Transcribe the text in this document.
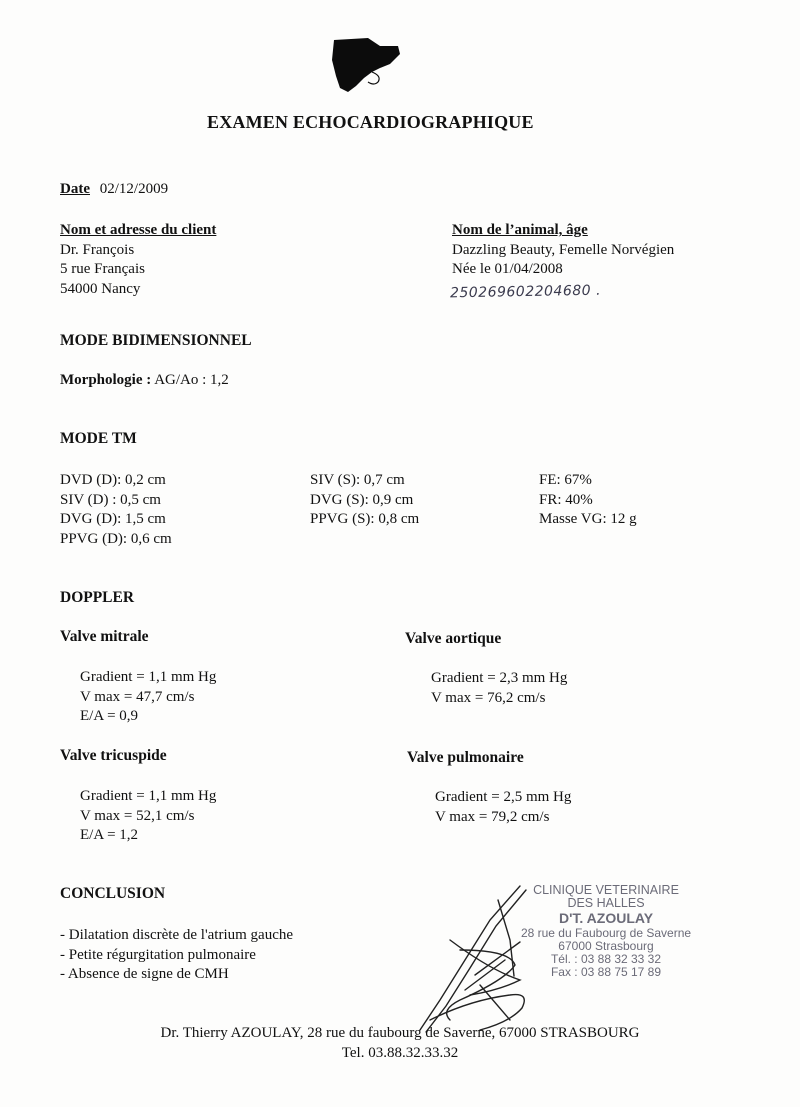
EXAMEN ECHOCARDIOGRAPHIQUE
Date 02/12/2009
Nom et adresse du client
Dr. François
5 rue Français
54000 Nancy
Nom de l’animal, âge
Dazzling Beauty, Femelle Norvégien
Née le 01/04/2008
250269602204680 .
MODE BIDIMENSIONNEL
Morphologie : AG/Ao : 1,2
MODE TM
DVD (D): 0,2 cm
SIV (D) : 0,5 cm
DVG (D): 1,5 cm
PPVG (D): 0,6 cm
SIV (S): 0,7 cm
DVG (S): 0,9 cm
PPVG (S): 0,8 cm
FE: 67%
FR: 40%
Masse VG: 12 g
DOPPLER
Valve mitrale
Gradient = 1,1 mm Hg
V max = 47,7 cm/s
E/A = 0,9
Valve aortique
Gradient = 2,3 mm Hg
V max = 76,2 cm/s
Valve tricuspide
Gradient = 1,1 mm Hg
V max = 52,1 cm/s
E/A = 1,2
Valve pulmonaire
Gradient = 2,5 mm Hg
V max = 79,2 cm/s
CONCLUSION
- Dilatation discrète de l'atrium gauche
- Petite régurgitation pulmonaire
- Absence de signe de CMH
CLINIQUE VETERINAIRE
DES HALLES
D'T. AZOULAY
28 rue du Faubourg de Saverne
67000 Strasbourg
Tél. : 03 88 32 33 32
Fax : 03 88 75 17 89
Dr. Thierry AZOULAY, 28 rue du faubourg de Saverne, 67000 STRASBOURG
Tel. 03.88.32.33.32
